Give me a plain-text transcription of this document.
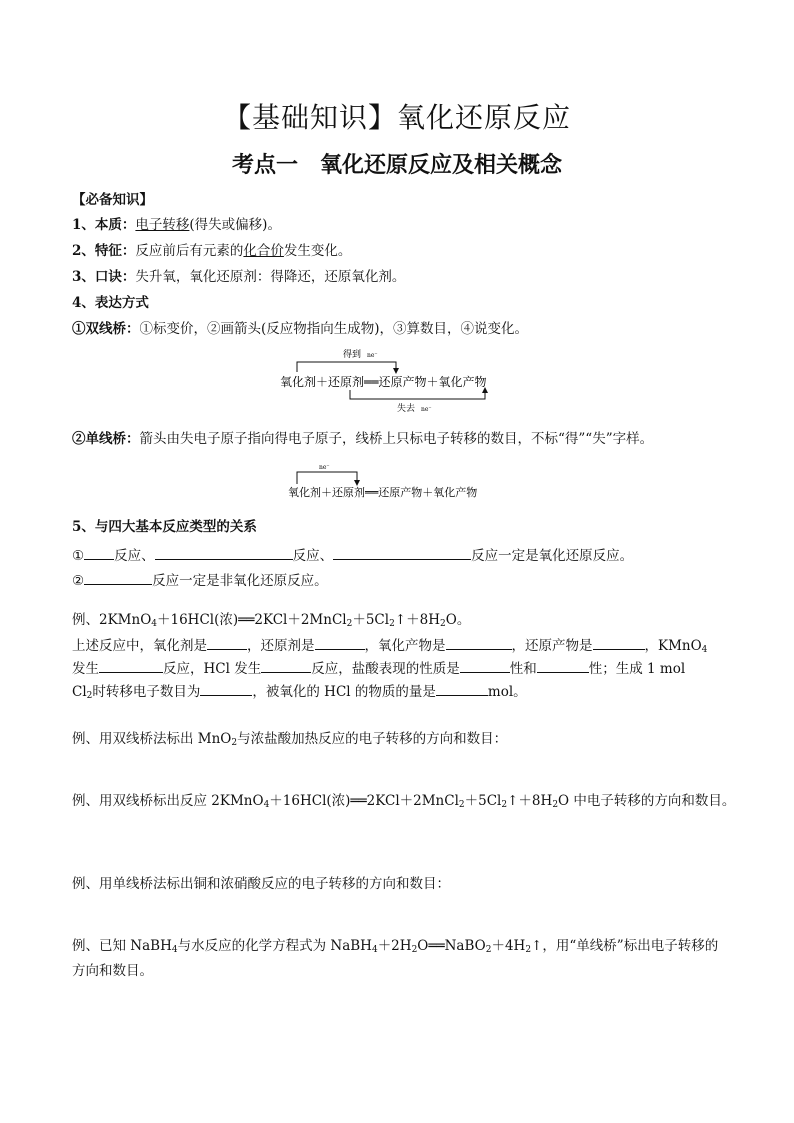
【基础知识】氧化还原反应
考点一　氧化还原反应及相关概念
【必备知识】
1、本质：电子转移(得失或偏移)。
2、特征：反应前后有元素的化合价发生变化。
3、口诀：失升氧，氧化还原剂：得降还，还原氧化剂。
4、表达方式
①双线桥：①标变价，②画箭头(反应物指向生成物)，③算数目，④说变化。
得到 ne⁻
氧化剂＋还原剂══还原产物＋氧化产物
失去 ne⁻
②单线桥：箭头由失电子原子指向得电子原子，线桥上只标电子转移的数目，不标“得”“失”字样。
ne⁻
氧化剂＋还原剂══还原产物＋氧化产物
5、与四大基本反应类型的关系
① 反应、	反应、	反应一定是氧化还原反应。
②	反应一定是非氧化还原反应。
例、2KMnO$_4$＋16HCl(浓)$══2KCl+2MnCl_2+5Cl_2↑+8H_2O$。
上述反应中，氧化剂是	，还原剂是	，氧化产物是	，还原产物是	，KMnO$_4$
发生	反应，HCl 发生	反应，盐酸表现的性质是	性和	性；生成 1 mol
$Cl_2$时转移电子数目为	，被氧化的 HCl 的物质的量是	mol。
例、用双线桥法标出 MnO$_2$与浓盐酸加热反应的电子转移的方向和数目：
例、用双线桥标出反应 2KMnO$_4$＋16HCl(浓)$══2KCl+2MnCl_2+5Cl_2↑+8H_2O$ 中电子转移的方向和数目。
例、用单线桥法标出铜和浓硝酸反应的电子转移的方向和数目：
例、已知 NaBH$_4$与水反应的化学方程式为 $NaBH_4+2H_2O══NaBO_2+4H_2↑$，用“单线桥”标出电子转移的
方向和数目。
